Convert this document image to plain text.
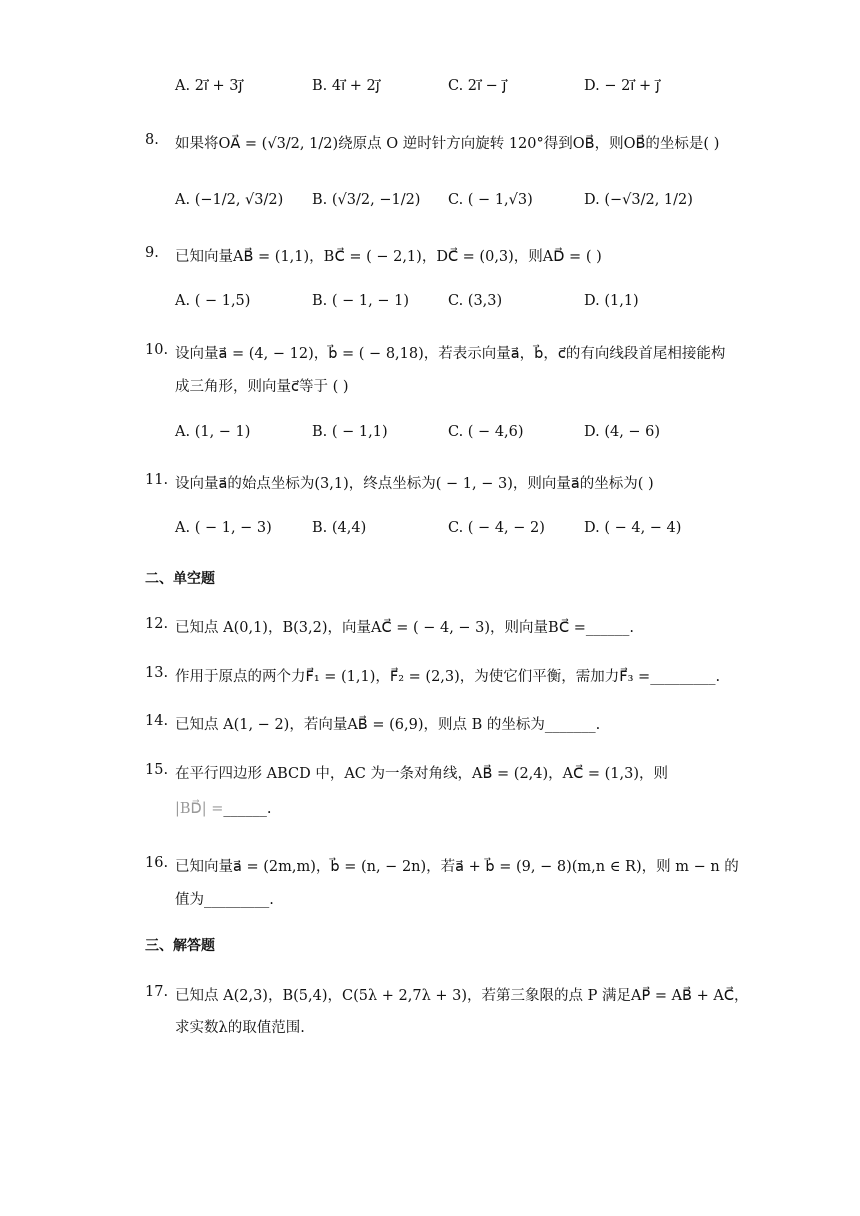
A. 2i⃗ + 3j⃗	B. 4i⃗ + 2j⃗	C. 2i⃗ − j⃗	D. − 2i⃗ + j⃗
8. 如果将OA⃗ = (√3/2, 1/2)绕原点 O 逆时针方向旋转 120°得到OB⃗，则OB⃗的坐标是( )
A. (−1/2, √3/2) B. (√3/2, −1/2) C. ( − 1,√3)	D. (−√3/2, 1/2)
9. 已知向量AB⃗ = (1,1)，BC⃗ = ( − 2,1)，DC⃗ = (0,3)，则AD⃗ = ( )
A. ( − 1,5)	B. ( − 1, − 1)	C. (3,3)	D. (1,1)
10. 设向量a⃗ = (4, − 12)，b⃗ = ( − 8,18)，若表示向量a⃗，b⃗，c⃗的有向线段首尾相接能构
成三角形，则向量c⃗等于 ( )
A. (1, − 1)	B. ( − 1,1)	C. ( − 4,6)	D. (4, − 6)
11. 设向量a⃗的始点坐标为(3,1)，终点坐标为( − 1, − 3)，则向量a⃗的坐标为( )
A. ( − 1, − 3)	B. (4,4)	C. ( − 4, − 2)	D. ( − 4, − 4)
二、单空题
12. 已知点 A(0,1)，B(3,2)，向量AC⃗ = ( − 4, − 3)，则向量BC⃗ =______.
13. 作用于原点的两个力F⃗₁ = (1,1)，F⃗₂ = (2,3)，为使它们平衡，需加力F⃗₃ =_________.
14. 已知点 A(1, − 2)，若向量AB⃗ = (6,9)，则点 B 的坐标为_______.
15. 在平行四边形 ABCD 中，AC 为一条对角线，AB⃗ = (2,4)，AC⃗ = (1,3)，则
|BD⃗| =______.
16. 已知向量a⃗ = (2m,m)，b⃗ = (n, − 2n)，若a⃗ + b⃗ = (9, − 8)(m,n ∈ R)，则 m − n 的
值为_________.
三、解答题
17. 已知点 A(2,3)，B(5,4)，C(5λ + 2,7λ + 3)，若第三象限的点 P 满足AP⃗ = AB⃗ + AC⃗，
求实数λ的取值范围.
